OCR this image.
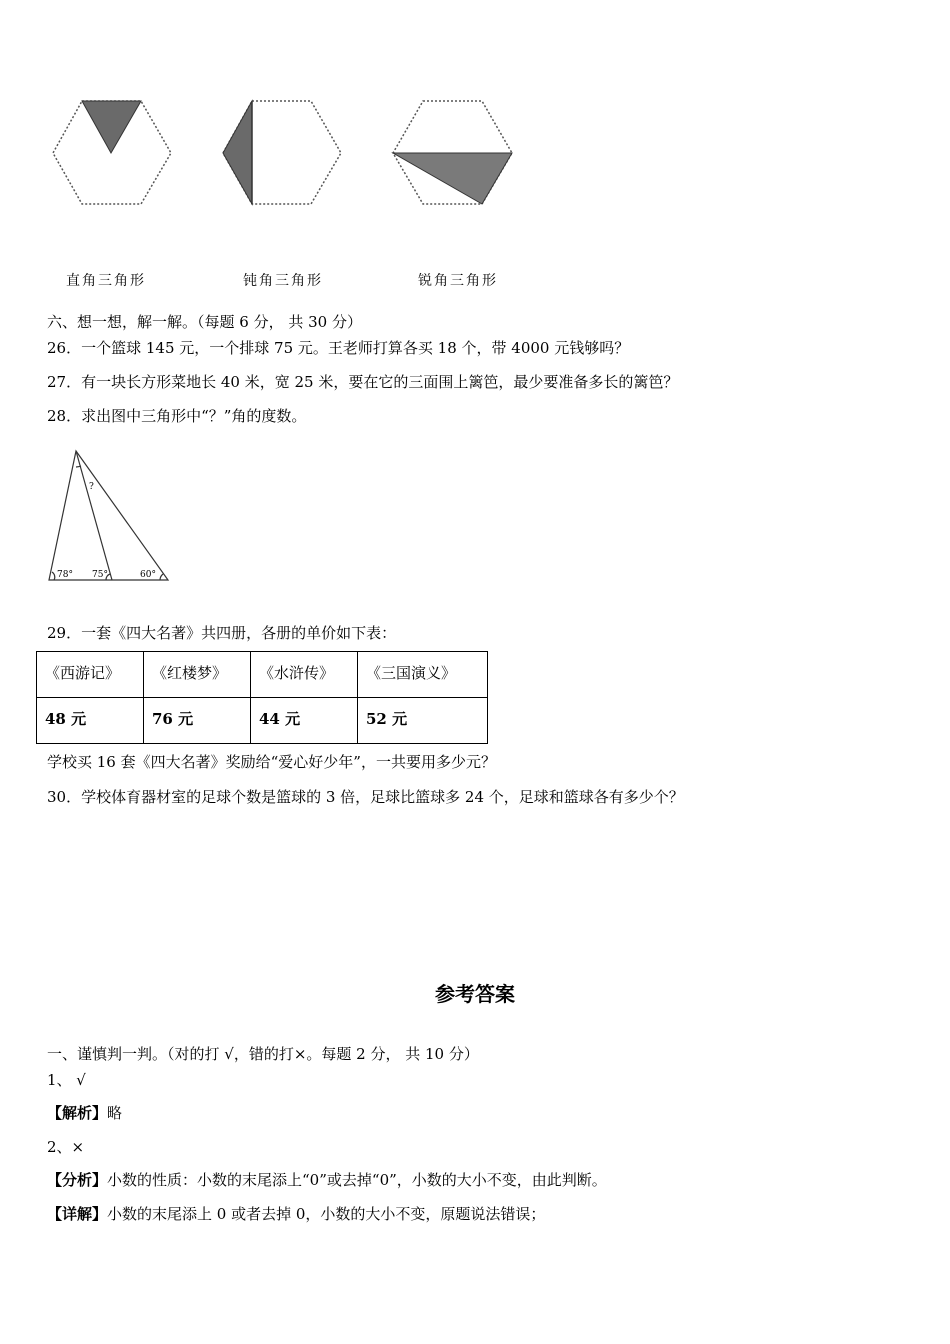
直角三角形	钝角三角形	锐角三角形
六、想一想，解一解。（每题 6 分， 共 30 分）
26．一个篮球 145 元，一个排球 75 元。王老师打算各买 18 个，带 4000 元钱够吗？
27．有一块长方形菜地长 40 米，宽 25 米，要在它的三面围上篱笆，最少要准备多长的篱笆？
28．求出图中三角形中“？”角的度数。
?
78° 75°	60°
29．一套《四大名著》共四册，各册的单价如下表：
《西游记》	《红楼梦》	《水浒传》	《三国演义》
48 元	76 元	44 元	52 元
学校买 16 套《四大名著》奖励给“爱心好少年”，一共要用多少元？
30．学校体育器材室的足球个数是篮球的 3 倍，足球比篮球多 24 个，足球和篮球各有多少个？
参考答案
一、谨慎判一判。（对的打 √，错的打×。每题 2 分， 共 10 分）
1、 √
【解析】略
2、×
【分析】小数的性质：小数的末尾添上“0”或去掉“0”，小数的大小不变，由此判断。
【详解】小数的末尾添上 0 或者去掉 0，小数的大小不变，原题说法错误；
